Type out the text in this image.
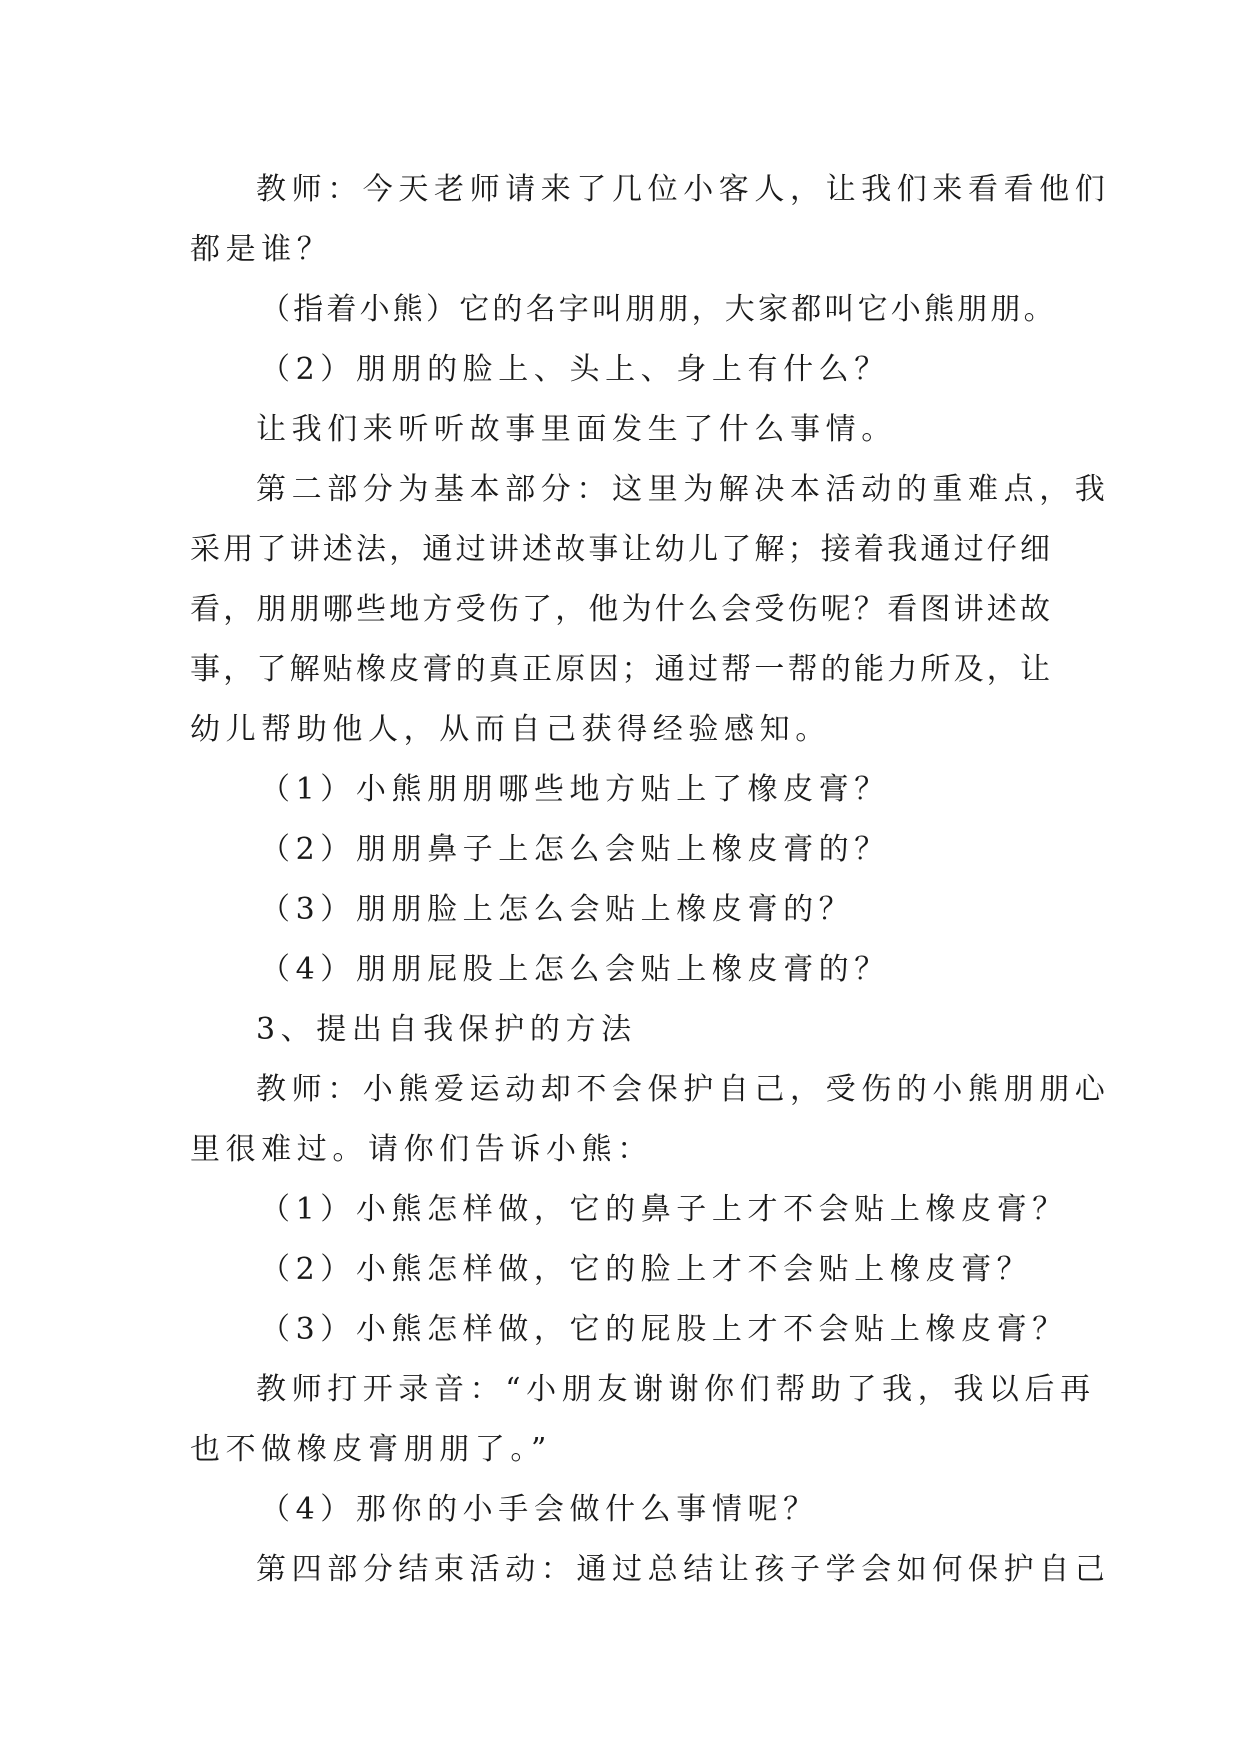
教师：今天老师请来了几位小客人，让我们来看看他们
都是谁？
（指着小熊）它的名字叫朋朋，大家都叫它小熊朋朋。
（2）朋朋的脸上、头上、身上有什么？
让我们来听听故事里面发生了什么事情。
第二部分为基本部分：这里为解决本活动的重难点，我
采用了讲述法，通过讲述故事让幼儿了解；接着我通过仔细
看，朋朋哪些地方受伤了，他为什么会受伤呢？看图讲述故
事，了解贴橡皮膏的真正原因；通过帮一帮的能力所及，让
幼儿帮助他人，从而自己获得经验感知。
（1）小熊朋朋哪些地方贴上了橡皮膏？
（2）朋朋鼻子上怎么会贴上橡皮膏的？
（3）朋朋脸上怎么会贴上橡皮膏的？
（4）朋朋屁股上怎么会贴上橡皮膏的？
3、提出自我保护的方法
教师：小熊爱运动却不会保护自己，受伤的小熊朋朋心
里很难过。请你们告诉小熊：
（1）小熊怎样做，它的鼻子上才不会贴上橡皮膏？
（2）小熊怎样做，它的脸上才不会贴上橡皮膏？
（3）小熊怎样做，它的屁股上才不会贴上橡皮膏？
教师打开录音：“小朋友谢谢你们帮助了我，我以后再
也不做橡皮膏朋朋了。”
（4）那你的小手会做什么事情呢？
第四部分结束活动：通过总结让孩子学会如何保护自己
